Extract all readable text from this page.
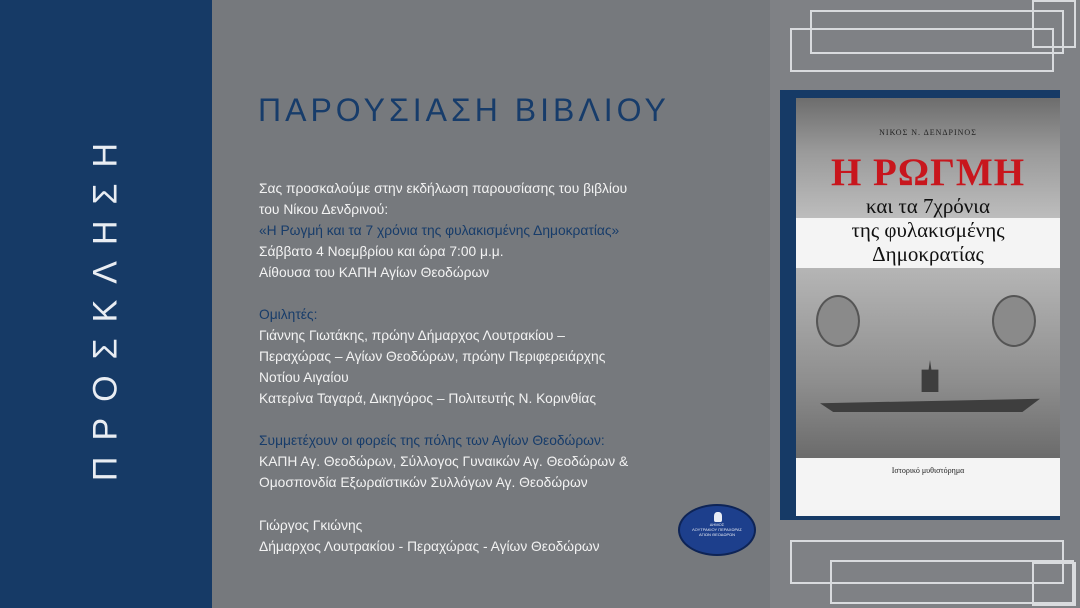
ΠΡΟΣΚΛΗΣΗ
ΠΑΡΟΥΣΙΑΣΗ ΒΙΒΛΙΟΥ
Σας προσκαλούμε στην εκδήλωση παρουσίασης του βιβλίου
του Νίκου Δενδρινού:
«Η Ρωγμή και τα 7 χρόνια της φυλακισμένης Δημοκρατίας»
Σάββατο 4 Νοεμβρίου και ώρα 7:00 μ.μ.
Αίθουσα του ΚΑΠΗ Αγίων Θεοδώρων
Ομιλητές:
Γιάννης Γιωτάκης, πρώην Δήμαρχος Λουτρακίου –
Περαχώρας – Αγίων Θεοδώρων, πρώην Περιφερειάρχης
Νοτίου Αιγαίου
Κατερίνα Ταγαρά, Δικηγόρος – Πολιτευτής Ν. Κορινθίας
Συμμετέχουν οι φορείς της πόλης των Αγίων Θεοδώρων:
ΚΑΠΗ Αγ. Θεοδώρων, Σύλλογος Γυναικών Αγ. Θεοδώρων &
Ομοσπονδία Εξωραϊστικών Συλλόγων Αγ. Θεοδώρων
Γιώργος Γκιώνης
Δήμαρχος Λουτρακίου - Περαχώρας - Αγίων Θεοδώρων
ΔΗΜΟΣ
ΛΟΥΤΡΑΚΙΟΥ ΠΕΡΑΧΩΡΑΣ
ΑΓΙΩΝ ΘΕΟΔΩΡΩΝ
ΝΙΚΟΣ Ν. ΔΕΝΔΡΙΝΟΣ
Η ΡΩΓΜΗ
και τα 7χρόνια
της φυλακισμένης
Δημοκρατίας
Ιστορικό μυθιστόρημα
